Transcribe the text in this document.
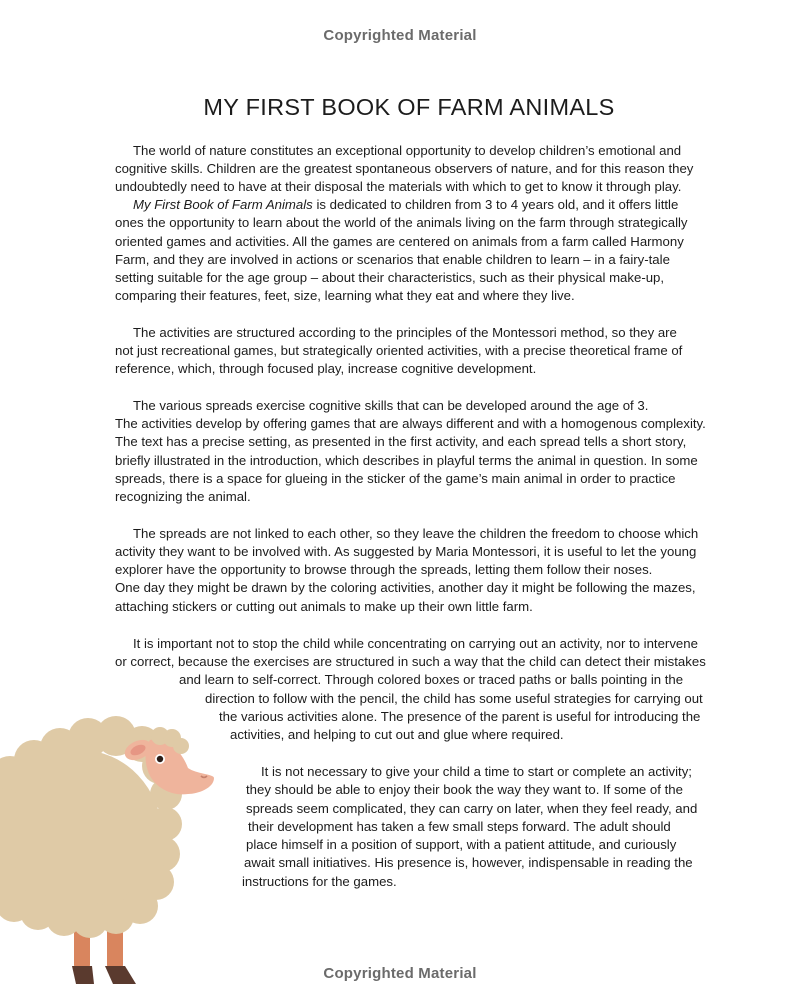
Copyrighted Material
MY FIRST BOOK OF FARM ANIMALS
The world of nature constitutes an exceptional opportunity to develop children’s emotional and
cognitive skills. Children are the greatest spontaneous observers of nature, and for this reason they
undoubtedly need to have at their disposal the materials with which to get to know it through play.
My First Book of Farm Animals is dedicated to children from 3 to 4 years old, and it offers little
ones the opportunity to learn about the world of the animals living on the farm through strategically
oriented games and activities. All the games are centered on animals from a farm called Harmony
Farm, and they are involved in actions or scenarios that enable children to learn – in a fairy-tale
setting suitable for the age group – about their characteristics, such as their physical make-up,
comparing their features, feet, size, learning what they eat and where they live.
The activities are structured according to the principles of the Montessori method, so they are
not just recreational games, but strategically oriented activities, with a precise theoretical frame of
reference, which, through focused play, increase cognitive development.
The various spreads exercise cognitive skills that can be developed around the age of 3.
The activities develop by offering games that are always different and with a homogenous complexity.
The text has a precise setting, as presented in the first activity, and each spread tells a short story,
briefly illustrated in the introduction, which describes in playful terms the animal in question. In some
spreads, there is a space for glueing in the sticker of the game’s main animal in order to practice
recognizing the animal.
The spreads are not linked to each other, so they leave the children the freedom to choose which
activity they want to be involved with. As suggested by Maria Montessori, it is useful to let the young
explorer have the opportunity to browse through the spreads, letting them follow their noses.
One day they might be drawn by the coloring activities, another day it might be following the mazes,
attaching stickers or cutting out animals to make up their own little farm.
It is important not to stop the child while concentrating on carrying out an activity, nor to intervene
or correct, because the exercises are structured in such a way that the child can detect their mistakes
and learn to self-correct. Through colored boxes or traced paths or balls pointing in the
direction to follow with the pencil, the child has some useful strategies for carrying out
the various activities alone. The presence of the parent is useful for introducing the
activities, and helping to cut out and glue where required.
It is not necessary to give your child a time to start or complete an activity;
they should be able to enjoy their book the way they want to. If some of the
spreads seem complicated, they can carry on later, when they feel ready, and
their development has taken a few small steps forward. The adult should
place himself in a position of support, with a patient attitude, and curiously
await small initiatives. His presence is, however, indispensable in reading the
instructions for the games.
Copyrighted Material
